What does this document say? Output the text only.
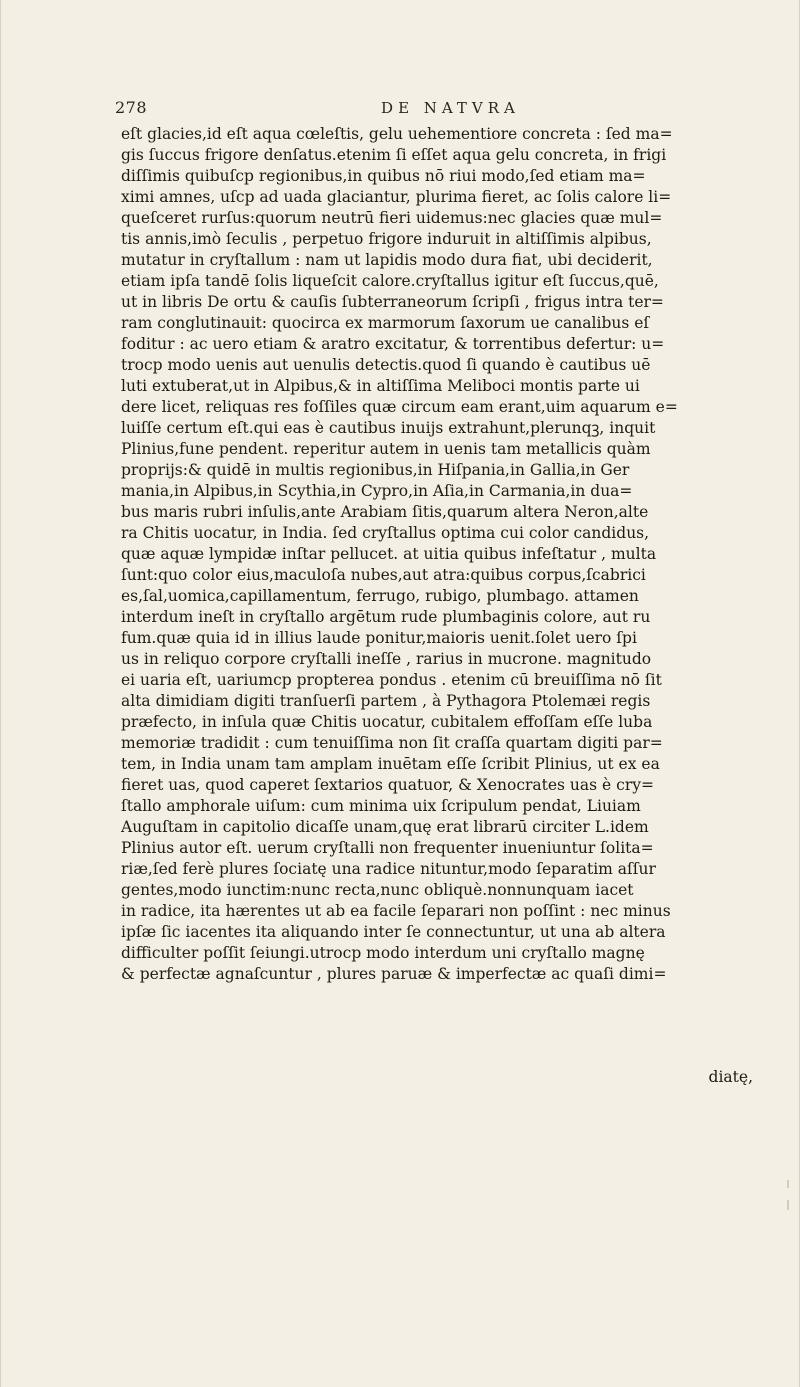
278	DE NATVRA
eſt glacies,id eſt aqua cœleſtis, gelu uehementiore concreta : ſed ma=
gis ſuccus frigore denſatus.etenim ſi eſſet aqua gelu concreta, in frigi
diſſimis quibuſcp regionibus,in quibus nō riui modo,ſed etiam ma=
ximi amnes, uſcp ad uada glaciantur, plurima fieret, ac ſolis calore li=
queſceret rurſus:quorum neutrū fieri uidemus:nec glacies quæ mul=
tis annis,imò ſeculis , perpetuo frigore induruit in altiſſimis alpibus,
mutatur in cryſtallum : nam ut lapidis modo dura fiat, ubi deciderit,
etiam ipſa tandē ſolis liqueſcit calore.cryſtallus igitur eſt ſuccus,quē,
ut in libris De ortu & cauſis ſubterraneorum ſcripſi , frigus intra ter=
ram conglutinauit: quocirca ex marmorum ſaxorum ue canalibus eſ
foditur : ac uero etiam & aratro excitatur, & torrentibus defertur: u=
trocp modo uenis aut uenulis detectis.quod ſi quando è cautibus uē
luti extuberat,ut in Alpibus,& in altiſſima Meliboci montis parte ui
dere licet, reliquas res foſſiles quæ circum eam erant,uim aquarum e=
luiſſe certum eſt.qui eas è cautibus inuijs extrahunt,plerunqꝫ, inquit
Plinius,fune pendent. reperitur autem in uenis tam metallicis quàm
proprijs:& quidē in multis regionibus,in Hiſpania,in Gallia,in Ger
mania,in Alpibus,in Scythia,in Cypro,in Aſia,in Carmania,in dua=
bus maris rubri inſulis,ante Arabiam ſitis,quarum altera Neron,alte
ra Chitis uocatur, in India. ſed cryſtallus optima cui color candidus,
quæ aquæ lympidæ inſtar pellucet. at uitia quibus infeſtatur , multa
ſunt:quo color eius,maculoſa nubes,aut atra:quibus corpus,ſcabrici
es,ſal,uomica,capillamentum, ferrugo, rubigo, plumbago. attamen
interdum ineſt in cryſtallo argētum rude plumbaginis colore, aut ru
fum.quæ quia id in illius laude ponitur,maioris uenit.ſolet uero ſpi
us in reliquo corpore cryſtalli ineſſe , rarius in mucrone. magnitudo
ei uaria eſt, uariumcp propterea pondus . etenim cū breuiſſima nō ſit
alta dimidiam digiti tranſuerſi partem , à Pythagora Ptolemæi regis
præfecto, in inſula quæ Chitis uocatur, cubitalem effoſſam eſſe luba
memoriæ tradidit : cum tenuiſſima non ſit craſſa quartam digiti par=
tem, in India unam tam amplam inuētam eſſe ſcribit Plinius, ut ex ea
fieret uas, quod caperet ſextarios quatuor, & Xenocrates uas è cry=
ſtallo amphorale uiſum: cum minima uix ſcripulum pendat, Liuiam
Auguſtam in capitolio dicaſſe unam,quę erat librarū circiter L.idem
Plinius autor eſt. uerum cryſtalli non frequenter inueniuntur ſolita=
riæ,ſed ferè plures ſociatę una radice nituntur,modo ſeparatim aſſur
gentes,modo iunctim:nunc recta,nunc obliquè.nonnunquam iacet
in radice, ita hærentes ut ab ea facile ſeparari non poſſint : nec minus
ipſæ ſic iacentes ita aliquando inter ſe connectuntur, ut una ab altera
difficulter poſſit ſeiungi.utrocp modo interdum uni cryſtallo magnę
& perfectæ agnaſcuntur , plures paruæ & imperfectæ ac quaſi dimi=
diatę,
